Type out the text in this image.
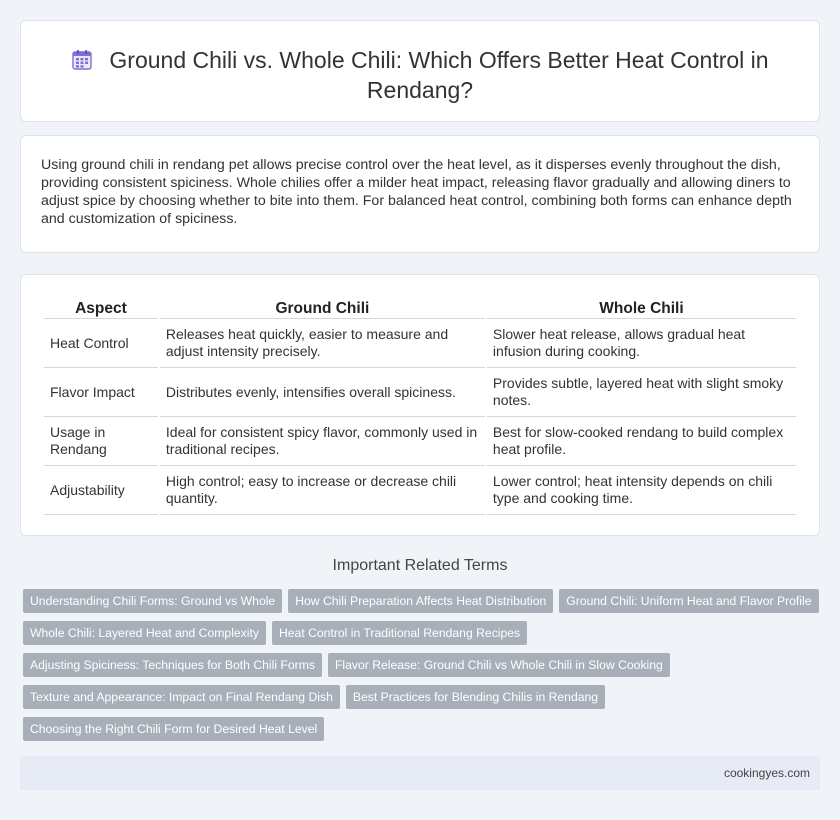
Ground Chili vs. Whole Chili: Which Offers Better Heat Control in Rendang?

Using ground chili in rendang pet allows precise control over the heat level, as it disperses evenly throughout the dish, providing consistent spiciness. Whole chilies offer a milder heat impact, releasing flavor gradually and allowing diners to adjust spice by choosing whether to bite into them. For balanced heat control, combining both forms can enhance depth and customization of spiciness.

Aspect	Ground Chili	Whole Chili
Heat Control	Releases heat quickly, easier to measure and adjust intensity precisely.	Slower heat release, allows gradual heat infusion during cooking.
Flavor Impact	Distributes evenly, intensifies overall spiciness.	Provides subtle, layered heat with slight smoky notes.
Usage in Rendang	Ideal for consistent spicy flavor, commonly used in traditional recipes.	Best for slow-cooked rendang to build complex heat profile.
Adjustability	High control; easy to increase or decrease chili quantity.	Lower control; heat intensity depends on chili type and cooking time.
Important Related Terms
Understanding Chili Forms: Ground vs Whole How Chili Preparation Affects Heat Distribution Ground Chili: Uniform Heat and Flavor Profile
Whole Chili: Layered Heat and Complexity Heat Control in Traditional Rendang Recipes
Adjusting Spiciness: Techniques for Both Chili Forms Flavor Release: Ground Chili vs Whole Chili in Slow Cooking
Texture and Appearance: Impact on Final Rendang Dish Best Practices for Blending Chilis in Rendang
Choosing the Right Chili Form for Desired Heat Level
cookingyes.com
